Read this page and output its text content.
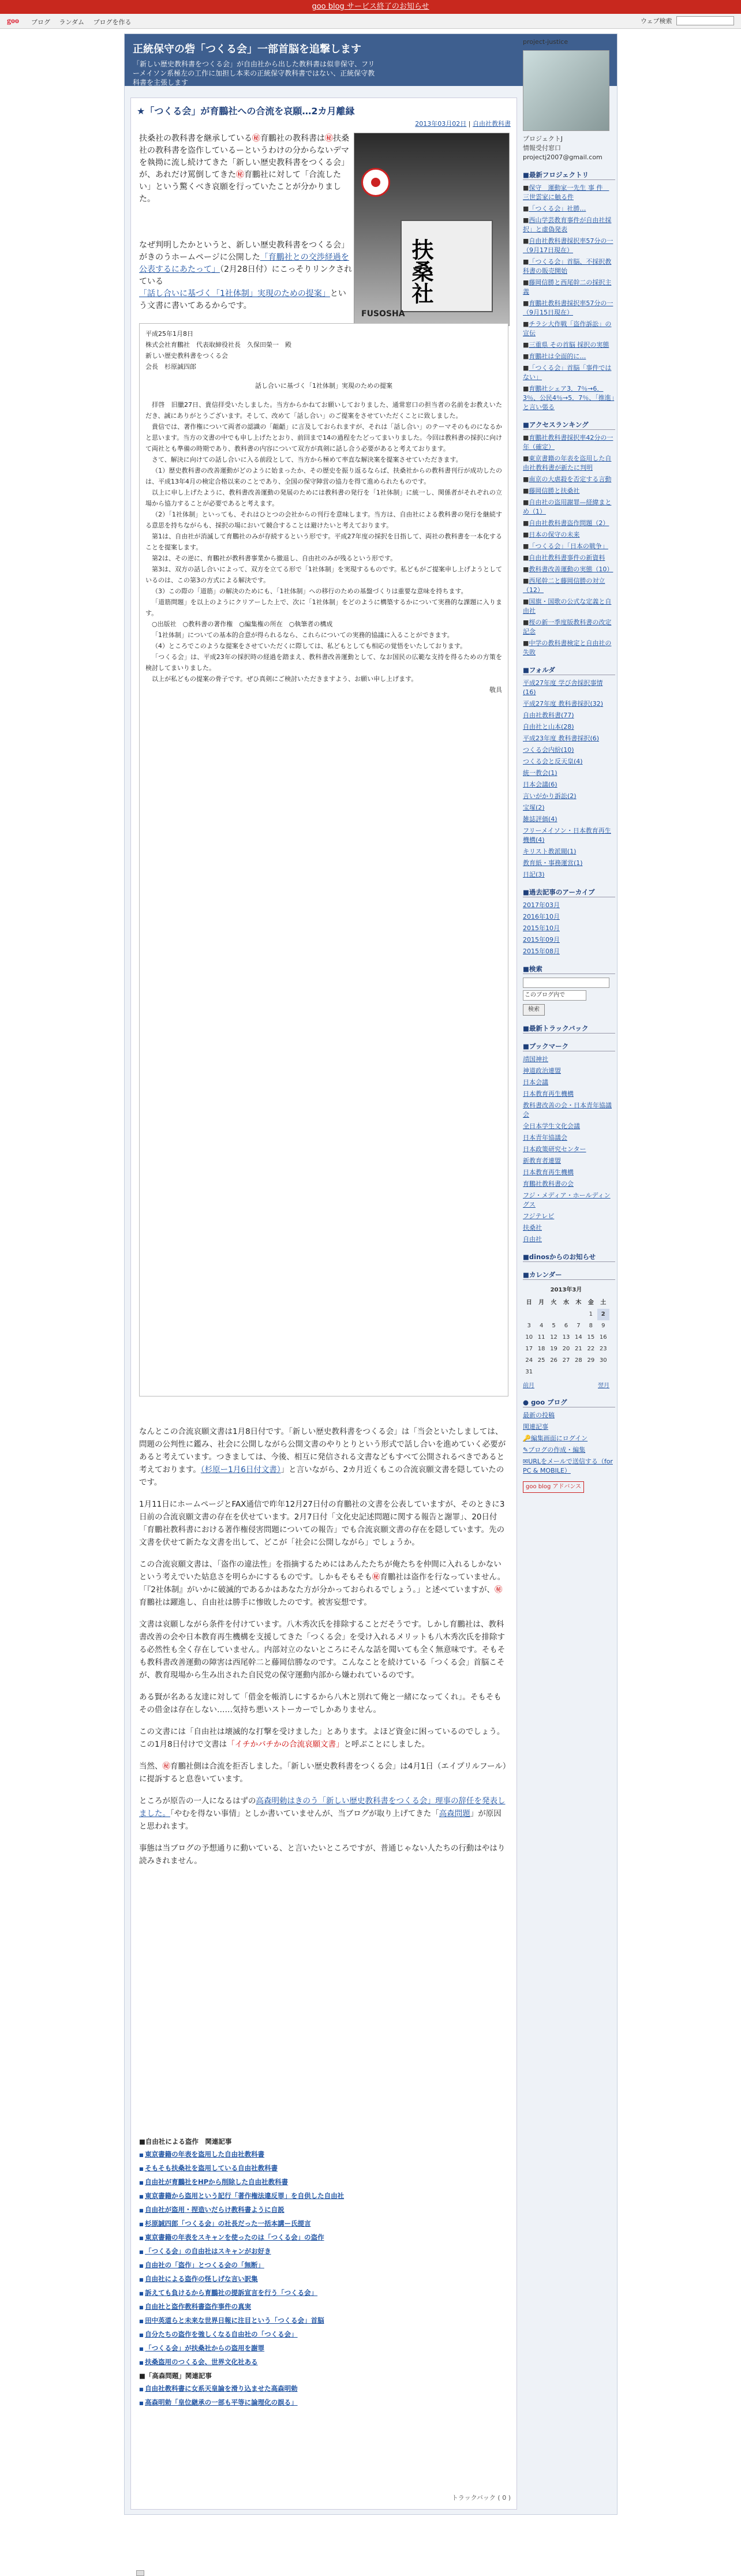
goo blog サービス終了のお知らせ
goo ブログ ランダム ブログを作る	ウェブ検索
正統保守の砦「つくる会」一部首脳を追撃します
「新しい歴史教科書をつくる会」が自由社から出した教科書は似非保守、フリーメイソン系極左の工作に加担し本来の正統保守教科書ではない、正統保守教科書を主張します
★「つくる会」が育鵬社への合流を哀願…2カ月離縁
2013年03月02日 | 自由社教科書
扶桑社
FUSOSHA
扶桑社の教科書を継承している㊙育鵬社の教科書は㊙扶桑社の教科書を盗作しているーというわけの分からないデマを執拗に流し続けてきた「新しい歴史教科書をつくる会」が、あれだけ罵倒してきた㊙育鵬社に対して「合流したい」という驚くべき哀願を行っていたことが分かりました。
なぜ判明したかというと、新しい歴史教科書をつくる会」がきのうホームページに公開した「育鵬社との交渉経過を公表するにあたって」（2月28日付）にこっそりリンクされている「話し合いに基づく「1社体制」実現のための提案」という文書に書いてあるからです。

平成25年1月8日

株式会社育鵬社　代表取締役社長　久保田榮一　殿

新しい歴史教科書をつくる会

会長　杉原誠四郎

話し合いに基づく「1社体制」実現のための提案

拝啓　旧臘27日、貴信拝受いたしました。当方からかねてお願いしておりました、通常窓口の担当者の名前をお教えいただき、誠にありがとうございます。そして、改めて「話し合い」のご提案をさせていただくことに致しました。

貴信では、著作権について両者の認識の「齟齬」に言及しておられますが、それは「話し合い」のテーマそのものになるかと思います。当方の文書の中でも申し上げたとおり、前回まで14の過程をたどってまいりました。今回は教科書の採択に向けて両社とも準備の時期であり、教科書の内容について双方が真剣に話し合う必要があると考えております。

さて、解決に向けての話し合いに入る前段として、当方から極めて率直な解決案を提案させていただきます。

（1）歴史教科書の改善運動がどのように始まったか、その歴史を振り返るならば、扶桑社からの教科書刊行が成功したのは、平成13年4月の検定合格以来のことであり、全国の保守陣営の協力を得て進められたものです。

以上に申し上げたように、教科書改善運動の発展のためには教科書の発行を「1社体制」に統一し、関係者がそれぞれの立場から協力することが必要であると考えます。

（2）「1社体制」といっても、それはひとつの会社からの刊行を意味します。当方は、自由社による教科書の発行を継続する意思を持ちながらも、採択の場において競合することは避けたいと考えております。

第1は、自由社が消滅して育鵬社のみが存続するという形です。平成27年度の採択を目指して、両社の教科書を一本化することを提案します。

第2は、その逆に、育鵬社が教科書事業から撤退し、自由社のみが残るという形です。

第3は、双方の話し合いによって、双方を立てる形で「1社体制」を実現するものです。私どもがご提案申し上げようとしているのは、この第3の方式による解決です。

（3）この際の「道筋」の解決のためにも、「1社体制」への移行のための基盤づくりは重要な意味を持ちます。

「道筋問題」を以上のようにクリアーした上で、次に「1社体制」をどのように構築するかについて実務的な課題に入ります。

○出版社　○教科書の著作権　○編集権の所在　○執筆者の構成

「1社体制」についての基本的合意が得られるなら、これらについての実務的協議に入ることができます。

（4）ところでこのような提案をさせていただくに際しては、私どもとしても相応の覚悟をいたしております。

「つくる会」は、平成23年の採択時の経過を踏まえ、教科書改善運動として、なお国民の広範な支持を得るための方策を検討してまいりました。

以上が私どもの提案の骨子です。ぜひ真剣にご検討いただきますよう、お願い申し上げます。

敬具

なんとこの合流哀願文書は1月8日付です。「新しい歴史教科書をつくる会」は「当会といたしましては、問題の公判性に鑑み、社会に公開しながら公開文書のやりとりという形式で話し合いを進めていく必要があると考えています。つきましては、今後、相互に発信される文書などもすべて公開されるべきであると考えております。（杉原ー1月6日付文書）」と言いながら、2カ月近くもこの合流哀願文書を隠していたのです。

1月11日にホームページとFAX通信で昨年12月27日付の育鵬社の文書を公表していますが、そのときに3日前の合流哀願文書の存在を伏せています。2月7日付「文化史記述問題に関する報告と謝罪」、20日付「育鵬社教科書における著作権侵害問題についての報告」でも合流哀願文書の存在を隠しています。先の文書を伏せて新たな文書を出して、どこが「社会に公開しながら」でしょうか。

この合流哀願文書は、「盗作の違法性」を指摘するためにはあんたたちが俺たちを仲間に入れるしかないという考えでいた姑息さを明らかにするものです。しかもそもそも㊙育鵬社は盗作を行なっていません。「『2社体制』がいかに破滅的であるかはあなた方が分かっておられるでしょう。」と述べていますが、㊙育鵬社は躍進し、自由社は勝手に惨敗したのです。被害妄想です。

文書は哀願しながら条件を付けています。八木秀次氏を排除することだそうです。しかし育鵬社は、教科書改善の会や日本教育再生機構を支援してきた「つくる会」を受け入れるメリットも八木秀次氏を排除する必然性も全く存在していません。内部対立のないところにそんな話を聞いても全く無意味です。そもそも教科書改善運動の障害は西尾幹二と藤岡信勝なのです。こんなことを続けている「つくる会」首脳こそが、教育現場から生み出された自民党の保守運動内部から嫌われているのです。

ある賢が名ある友達に対して「借金を帳消しにするから八木と別れて俺と一緒になってくれ」。そもそもその借金は存在しない……気持ち悪いストーカーでしかありません。

この文書には「自由社は壊滅的な打撃を受けました」とあります。よほど資金に困っているのでしょう。この1月8日付けで文書は「イチかバチかの合流哀願文書」と呼ぶことにしました。

当然、㊙育鵬社側は合流を拒否しました。「新しい歴史教科書をつくる会」は4月1日（エイプリルフール）に提訴すると息巻いています。

ところが原告の一人になるはずの高森明勅はきのう「新しい歴史教科書をつくる会」理事の辞任を発表しました。「やむを得ない事情」としか書いていませんが、当ブログが取り上げてきた「高森問題」が原因と思われます。

事態は当ブログの予想通りに動いている、と言いたいところですが、普通じゃない人たちの行動はやはり読みきれません。

■自由社による盗作　関連記事
■ 東京書籍の年表を盗用した自由社教科書
■ そもそも扶桑社を盗用している自由社教科書
■ 自由社が育鵬社をHPから削除した自由社教科書
■ 東京書籍から盗用という記行「著作権法違反罪」を自供した自由社
■ 自由社が盗用・捏造いだらけ教科書ように自説
■ 杉原誠四郎「つくる会」の社長だった一括本講ー氏提言
■ 東京書籍の年表をスキャンを使ったのは「つくる会」の盗作
■ 「つくる会」の自由社はスキャンがお好き
■ 自由社の「盗作」とつくる会の「無断」
■ 自由社による盗作の怪しげな言い訳集
■ 訴えても負けるから育鵬社の提訴宣言を行う「つくる会」
■ 自由社と盗作教科書盗作事件の真実
■ 田中英道らと未来な世界日報に注目という「つくる会」首脳
■ 自分たちの盗作を強しくなる自由社の「つくる会」
■ 「つくる会」が扶桑社からの盗用を謝罪
■ 扶桑盗用のつくる会、世界文化社ある
■「高森問題」関連記事
■ 自由社教科書に女系天皇論を滑り込ませた高森明勅
■ 高森明勅「皇位継承の一部も平等に論理化の誤る」
トラックバック ( 0 )
project-justice
プロジェクトJ
情報受付窓口 projectj2007@gmail.com
■最新フロジェクトリ
■保守　運動家一先生 事 件　三世雲家に触る件
■「つくる会」社勝…
■西山学芸教育事件が自由社採択」と虚偽発表
■自由社教科書採択率57分の一（9月17日現在）
■「つくる会」首脳、不採択教科書の販売開始
■藤岡信勝と西尾幹二の採択主義
■育鵬社教科書採択率57分の一（9月15日現在）
■チラシ大作戦「盗作訴訟」の宣伝
■三重県 その首脳 採択の実態
■育鵬社は全面的に…
■「つくる会」首脳「事件ではない」
■育鵬社シェア3．7％→6．3％、公民4％→5．7％、「推進」と言い張る
■アクセスランキング
■育鵬社教科書採択率42分の一年（確定）
■東京書籍の年表を盗用した自由社教科書が新たに判明
■南京の大虐殺を否定する言動
■藤岡信勝と扶桑社
■自由社の盗用謝罪—経緯まとめ（1）
■自由社教科書盗作問題（2）
■日本の保守の未来
■「つくる会」「日本の戦争」
■自由社教科書事件の新資料
■教科書改善運動の実態（10）
■西尾幹二と藤岡信勝の対立（12）
■国旗・国歌の公式な定義と自由社
■桜の新一季度版教科書の改定記念
■中学の教科書検定と自由社の失敗
■フォルダ
平成27年度 学び舎採択事情(16)
平成27年度 教科書採択(32)
自由社教科書(77)
自由社と山本(28)
平成23年度 教科書採択(6)
つくる会内紛(10)
つくる会と反天皇(4)
統一教会(1)
日本会議(6)
言いがかり訴訟(2)
宝塚(2)
雑誌評価(4)
フリーメイソン・日本教育再生機構(4)
キリスト教派閥(1)
教育紙・事務運営(1)
日記(3)
■過去記事のアーカイブ
2017年03月
2016年10月
2015年10月
2015年09月
2015年08月
■検索
このブログ内で
検索
■最新トラックバック
■ブックマーク
靖国神社
神道政治連盟
日本会議
日本教育再生機構
教科書改善の会・日本青年協議会
全日本学生文化会議
日本青年協議会
日本政策研究センター
新教育者連盟
日本教育再生機構
育鵬社教科書の会
フジ・メディア・ホールディングス
フジテレビ
扶桑社
自由社
■dinosからのお知らせ
■カレンダー
2013年3月						
日	月	火	水	木	金	土
					1	2
3	4	5	6	7	8	9
10	11	12	13	14	15	16
17	18	19	20	21	22	23
24	25	26	27	28	29	30
31						
前月	翌月
● goo ブログ
最新の投稿
関連記事
🔑編集画面にログイン
✎ブログの作成・編集
✉URLをメールで送信する（for PC & MOBILE）
goo blog アドバンス
